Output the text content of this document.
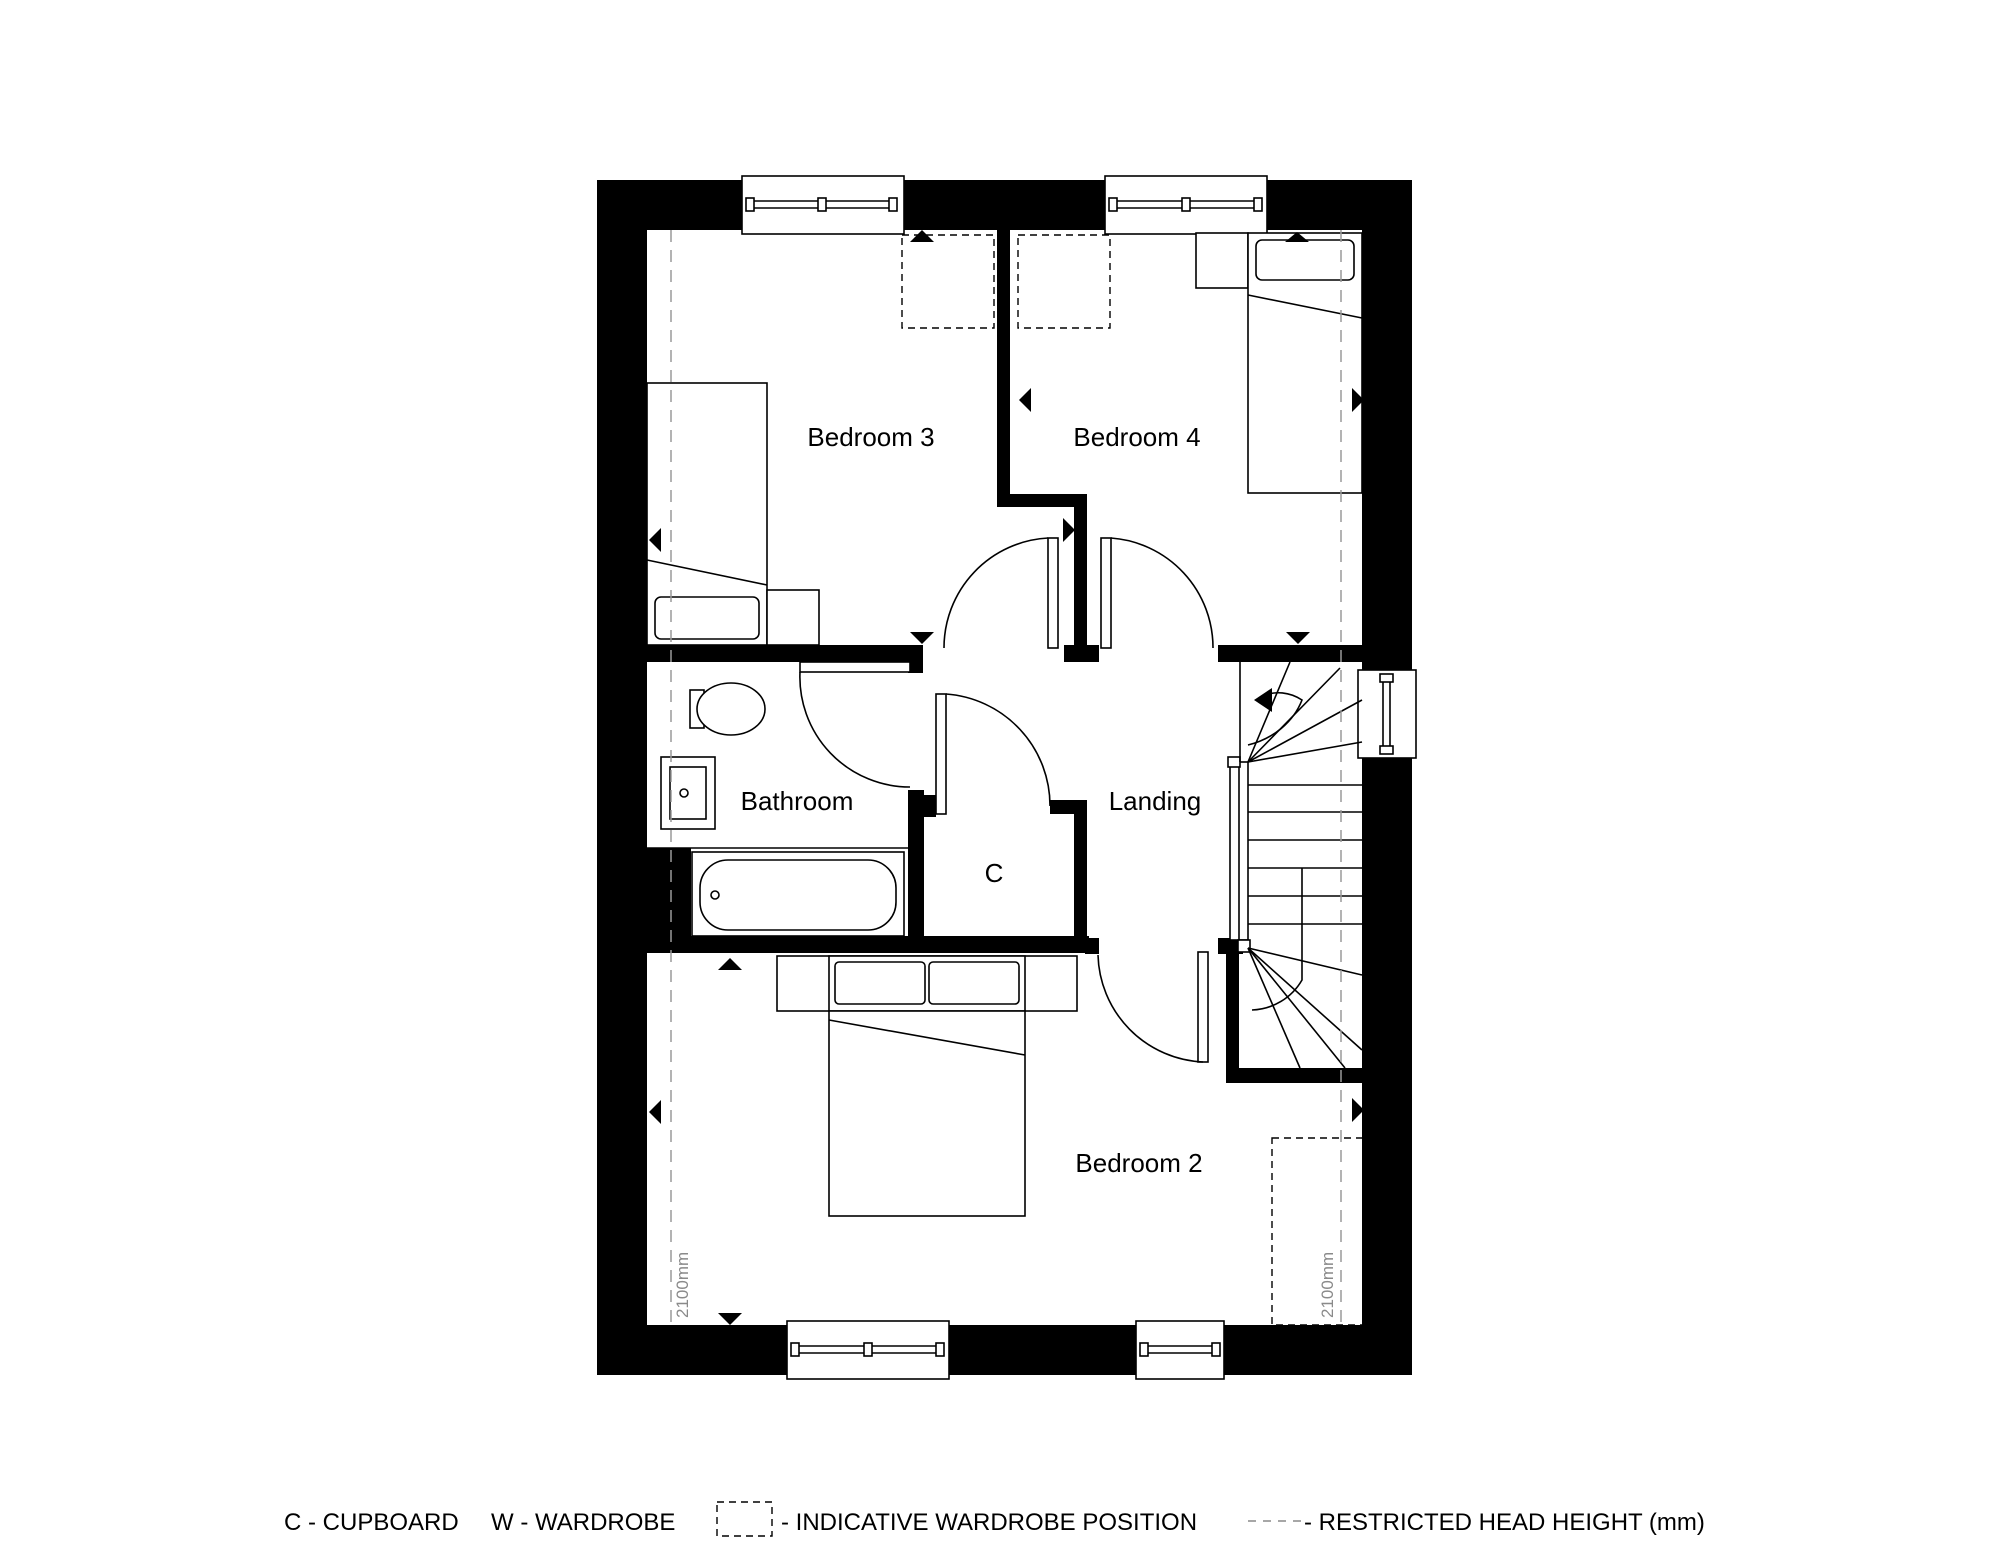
Bedroom 3	Bedroom 4
Bathroom	Landing
C
Bedroom 2
2100mm	2100mm
C - CUPBOARD W - WARDROBE	- INDICATIVE WARDROBE POSITION	- RESTRICTED HEAD HEIGHT (mm)
